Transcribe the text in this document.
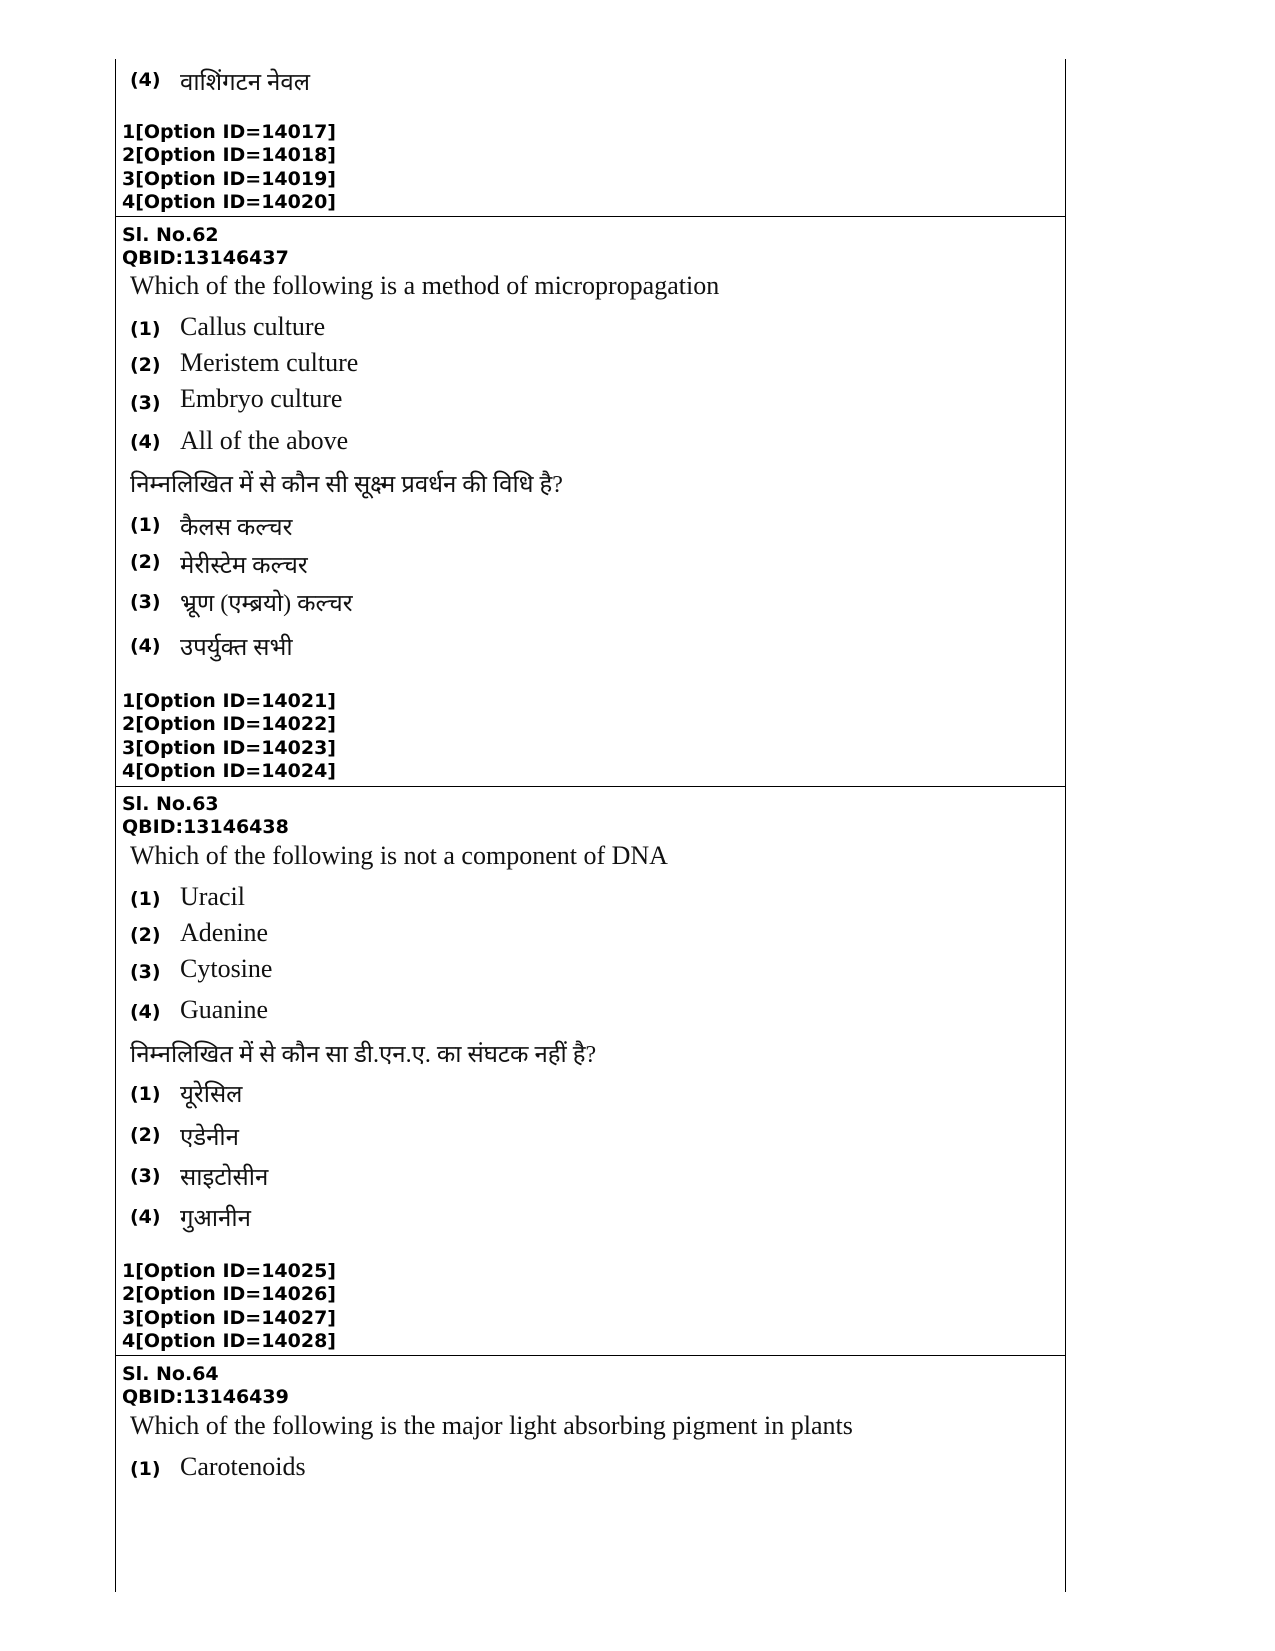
(4) वाशिंगटन नेवल
1[Option ID=14017]
2[Option ID=14018]
3[Option ID=14019]
4[Option ID=14020]
Sl. No.62
QBID:13146437
Which of the following is a method of micropropagation
(1) Callus culture
(2) Meristem culture
(3) Embryo culture
(4) All of the above
निम्नलिखित में से कौन सी सूक्ष्म प्रवर्धन की विधि है?
(1) कैलस कल्चर
(2) मेरीस्टेम कल्चर
(3) भ्रूण (एम्ब्रयो) कल्चर
(4) उपर्युक्त सभी
1[Option ID=14021]
2[Option ID=14022]
3[Option ID=14023]
4[Option ID=14024]
Sl. No.63
QBID:13146438
Which of the following is not a component of DNA
(1) Uracil
(2) Adenine
(3) Cytosine
(4) Guanine
निम्नलिखित में से कौन सा डी.एन.ए. का संघटक नहीं है?
(1) यूरेसिल
(2) एडेनीन
(3) साइटोसीन
(4) गुआनीन
1[Option ID=14025]
2[Option ID=14026]
3[Option ID=14027]
4[Option ID=14028]
Sl. No.64
QBID:13146439
Which of the following is the major light absorbing pigment in plants
(1) Carotenoids
